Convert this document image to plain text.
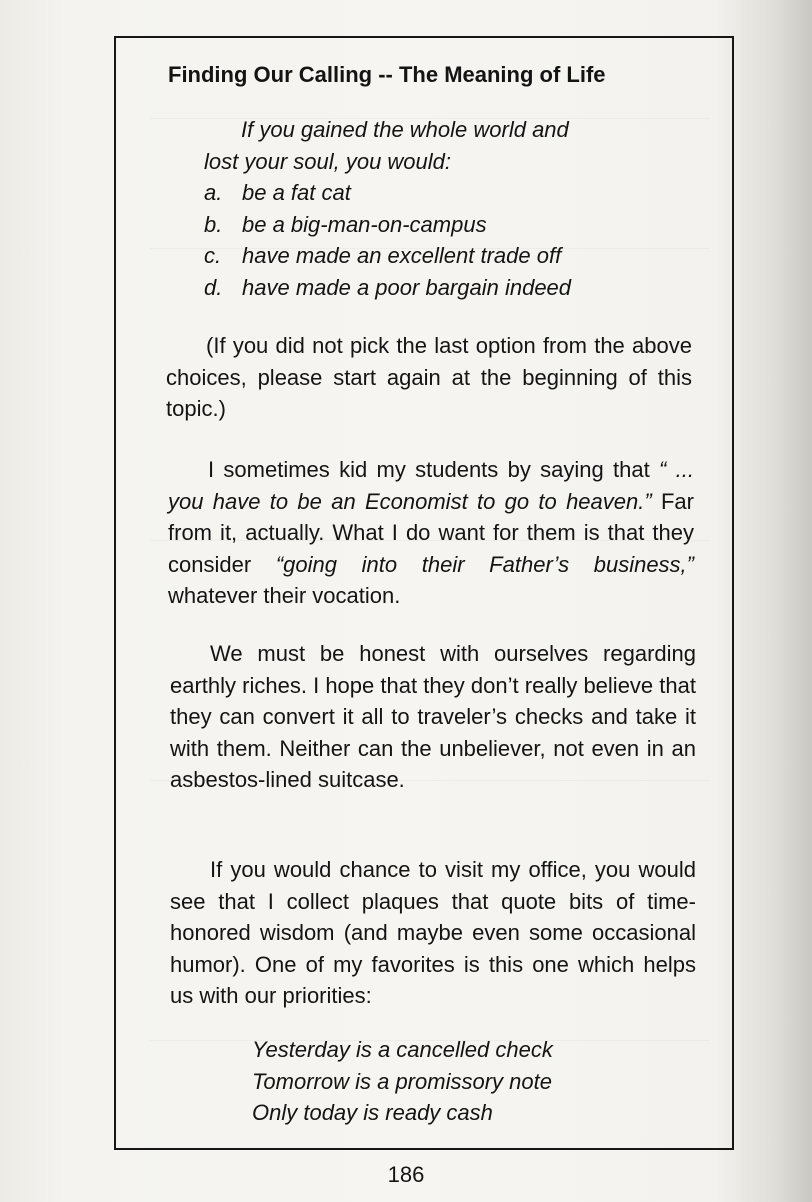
Finding Our Calling -- The Meaning of Life
If you gained the whole world and
lost your soul, you would:
a. be a fat cat
b. be a big-man-on-campus
c. have made an excellent trade off
d. have made a poor bargain indeed

(If you did not pick the last option from the above choices, please start again at the beginning of this topic.)

I sometimes kid my students by saying that “ ... you have to be an Economist to go to heaven.” Far from it, actually. What I do want for them is that they consider “going into their Father’s business,” whatever their vocation.

We must be honest with ourselves regarding earthly riches. I hope that they don’t really believe that they can convert it all to traveler’s checks and take it with them. Neither can the unbeliever, not even in an asbestos-lined suitcase.

If you would chance to visit my office, you would see that I collect plaques that quote bits of time-honored wisdom (and maybe even some occasional humor). One of my favorites is this one which helps us with our priorities:

Yesterday is a cancelled check
Tomorrow is a promissory note
Only today is ready cash
186
